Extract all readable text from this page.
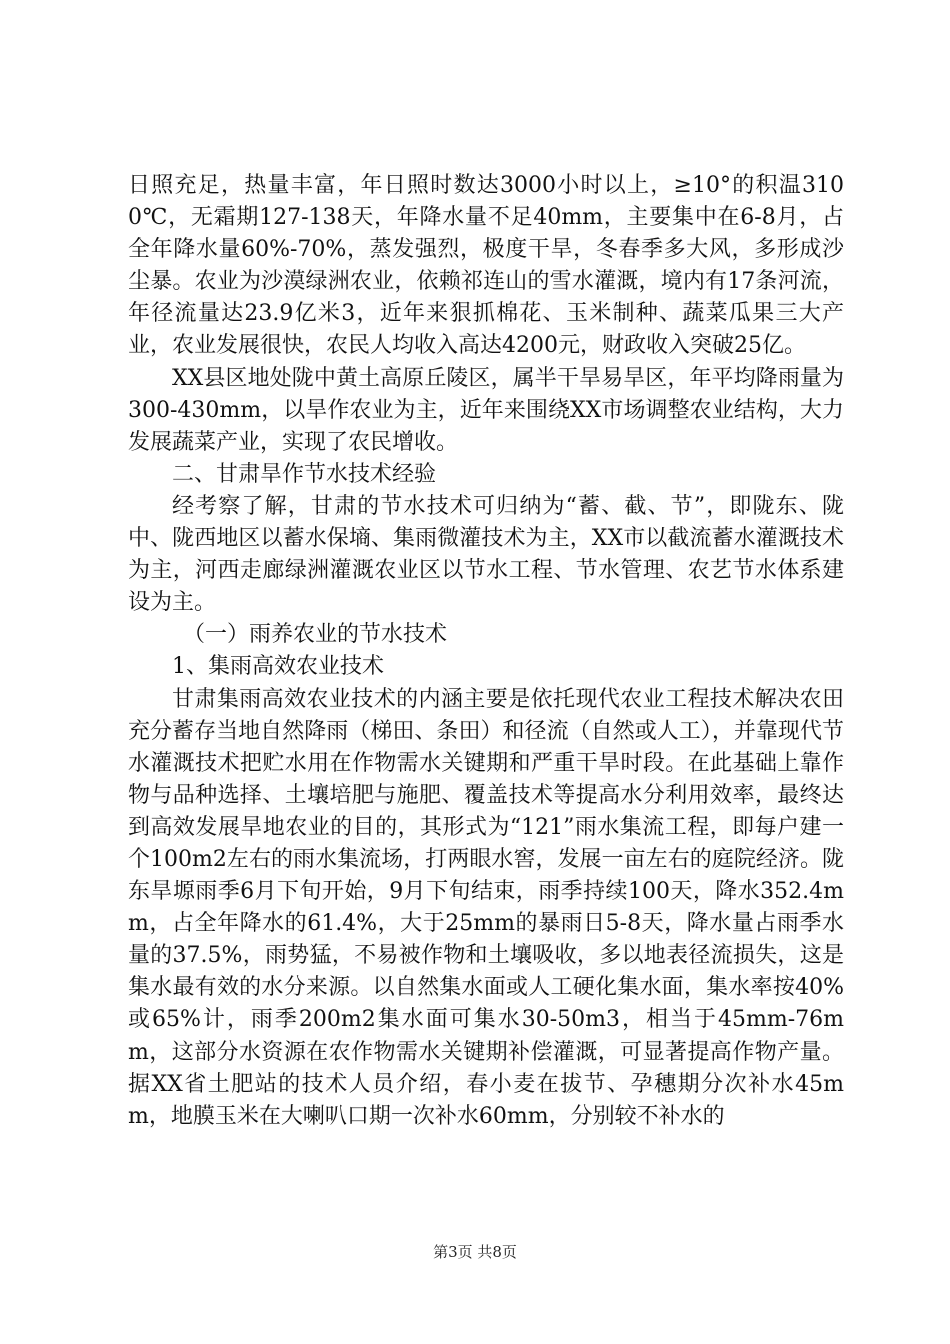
日照充足，热量丰富，年日照时数达3000小时以上，≥10°的积温3100℃，无霜期127-138天，年降水量不足40mm，主要集中在6-8月，占全年降水量60%-70%，蒸发强烈，极度干旱，冬春季多大风，多形成沙尘暴。农业为沙漠绿洲农业，依赖祁连山的雪水灌溉，境内有17条河流，年径流量达23.9亿米3，近年来狠抓棉花、玉米制种、蔬菜瓜果三大产业，农业发展很快，农民人均收入高达4200元，财政收入突破25亿。

XX县区地处陇中黄土高原丘陵区，属半干旱易旱区，年平均降雨量为300-430mm，以旱作农业为主，近年来围绕XX市场调整农业结构，大力发展蔬菜产业，实现了农民增收。

二、甘肃旱作节水技术经验

经考察了解，甘肃的节水技术可归纳为“蓄、截、节”，即陇东、陇中、陇西地区以蓄水保墒、集雨微灌技术为主，XX市以截流蓄水灌溉技术为主，河西走廊绿洲灌溉农业区以节水工程、节水管理、农艺节水体系建设为主。

（一）雨养农业的节水技术

1、集雨高效农业技术

甘肃集雨高效农业技术的内涵主要是依托现代农业工程技术解决农田充分蓄存当地自然降雨（梯田、条田）和径流（自然或人工），并靠现代节水灌溉技术把贮水用在作物需水关键期和严重干旱时段。在此基础上靠作物与品种选择、土壤培肥与施肥、覆盖技术等提高水分利用效率，最终达到高效发展旱地农业的目的，其形式为“121”雨水集流工程，即每户建一个100m2左右的雨水集流场，打两眼水窖，发展一亩左右的庭院经济。陇东旱塬雨季6月下旬开始，9月下旬结束，雨季持续100天，降水352.4mm，占全年降水的61.4%，大于25mm的暴雨日5-8天，降水量占雨季水量的37.5%，雨势猛，不易被作物和土壤吸收，多以地表径流损失，这是集水最有效的水分来源。以自然集水面或人工硬化集水面，集水率按40%或65%计，雨季200m2集水面可集水30-50m3，相当于45mm-76mm，这部分水资源在农作物需水关键期补偿灌溉，可显著提高作物产量。据XX省土肥站的技术人员介绍，春小麦在拔节、孕穗期分次补水45mm，地膜玉米在大喇叭口期一次补水60mm，分别较不补水的

第3页 共8页
